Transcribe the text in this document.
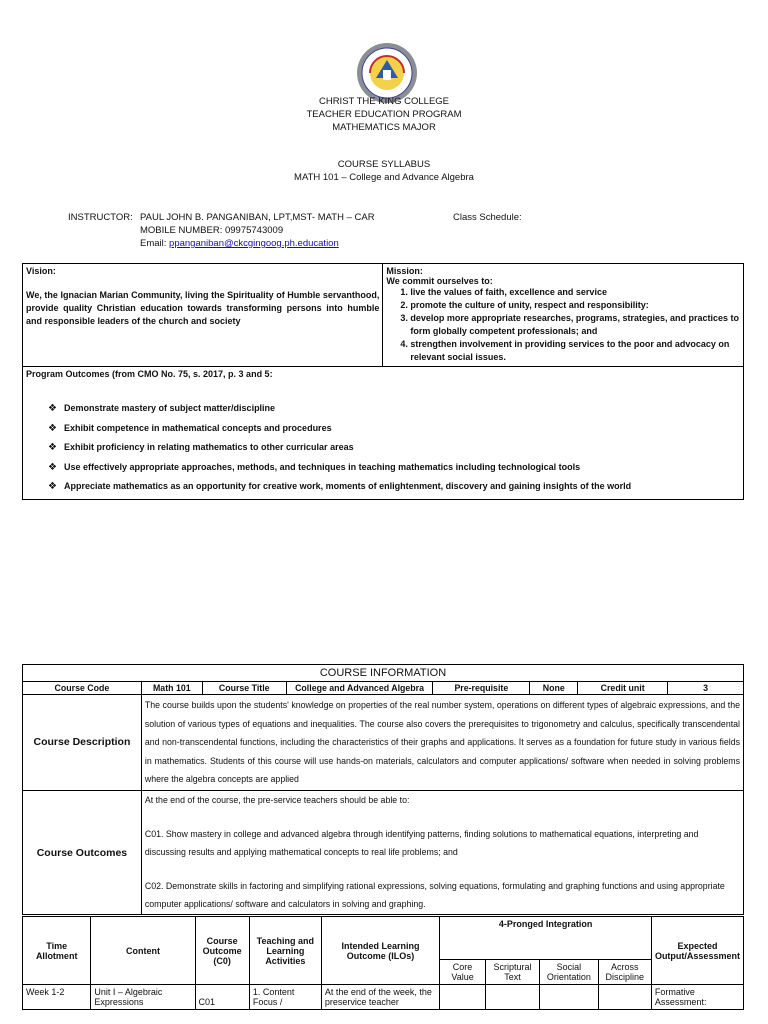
CHRIST THE KING COLLEGE
TEACHER EDUCATION PROGRAM
MATHEMATICS MAJOR
COURSE SYLLABUS
MATH 101 – College and Advance Algebra
INSTRUCTOR: PAUL JOHN B. PANGANIBAN, LPT,MST- MATH – CAR
MOBILE NUMBER: 09975743009
Email: ppanganiban@ckcgingoog.ph.education
Class Schedule:
Vision:
We, the Ignacian Marian Community, living the Spirituality of Humble servanthood, provide quality Christian education towards transforming persons into humble and responsible leaders of the church and society

Mission:
We commit ourselves to:
1. live the values of faith, excellence and service
2. promote the culture of unity, respect and responsibility:
3. develop more appropriate researches, programs, strategies, and practices to form globally competent professionals; and
4. strengthen involvement in providing services to the poor and advocacy on relevant social issues.

Program Outcomes (from CMO No. 75, s. 2017, p. 3 and 5:
❖ Demonstrate mastery of subject matter/discipline
❖ Exhibit competence in mathematical concepts and procedures
❖ Exhibit proficiency in relating mathematics to other curricular areas
❖ Use effectively appropriate approaches, methods, and techniques in teaching mathematics including technological tools
❖ Appreciate mathematics as an opportunity for creative work, moments of enlightenment, discovery and gaining insights of the world
COURSE INFORMATION							
Course Code	Math 101	Course Title	College and Advanced Algebra	Pre-requisite	None	Credit unit	3
Course Description	The course builds upon the students' knowledge on properties of the real number system, operations on different types of algebraic expressions, and the solution of various types of equations and inequalities. The course also covers the prerequisites to trigonometry and calculus, specifically transcendental and non-transcendental functions, including the characteristics of their graphs and applications. It serves as a foundation for future study in various fields in mathematics. Students of this course will use hands-on materials, calculators and computer applications/ software when needed in solving problems where the algebra concepts are applied						
Course Outcomes	At the end of the course, the pre-service teachers should be able to:
C01. Show mastery in college and advanced algebra through identifying patterns, finding solutions to mathematical equations, interpreting and discussing results and applying mathematical concepts to real life problems; and
C02. Demonstrate skills in factoring and simplifying rational expressions, solving equations, formulating and graphing functions and using appropriate computer applications/ software and calculators in solving and graphing.						
Time Allotment	Content	Course Outcome (C0)	Teaching and Learning Activities	Intended Learning Outcome (ILOs)	4-Pronged Integration				Expected Output/Assessment
					Core Value	Scriptural Text	Social Orientation	Across Discipline	
Week 1-2	Unit I – Algebraic Expressions	C01	1. Content Focus /	At the end of the week, the preservice teacher					Formative Assessment:
